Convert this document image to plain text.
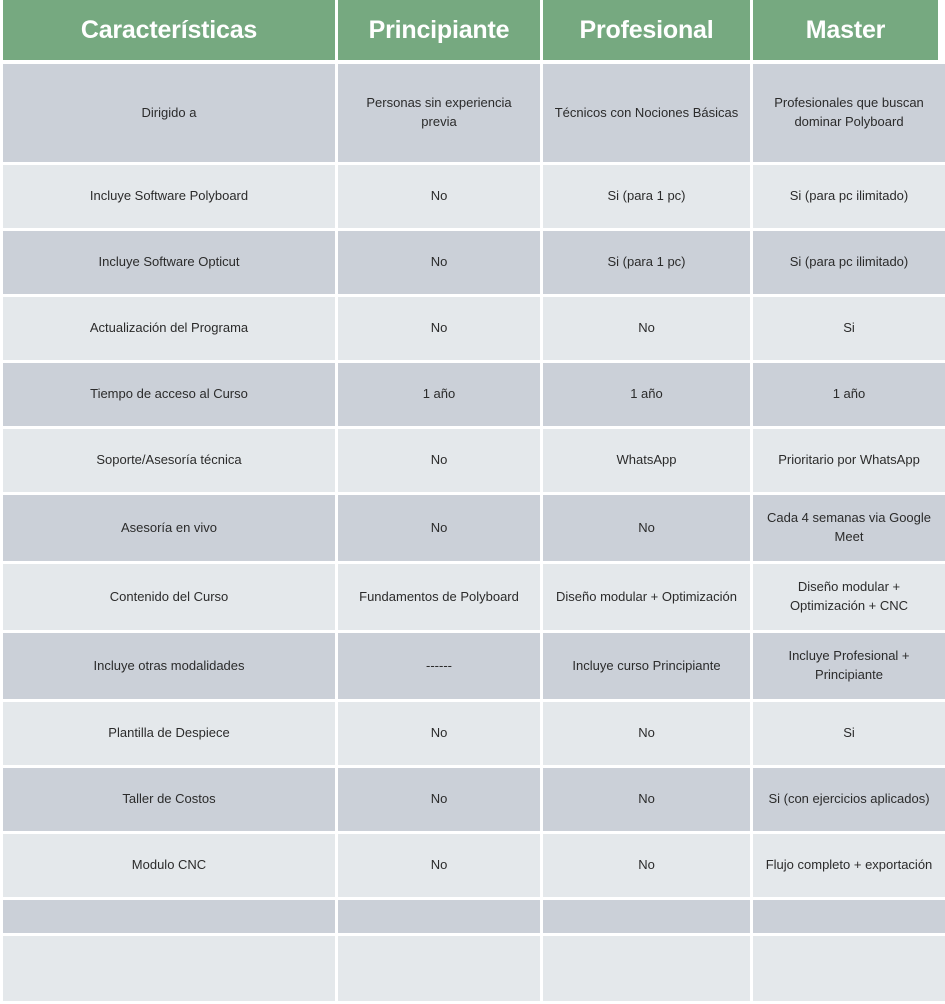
Características	Principiante	Profesional	Master

Dirigido a	Personas sin experiencia previa	Técnicos con Nociones Básicas	Profesionales que buscan dominar Polyboard

Incluye Software Polyboard	No	Si (para 1 pc)	Si (para pc ilimitado)

Incluye Software Opticut	No	Si (para 1 pc)	Si (para pc ilimitado)

Actualización del Programa	No	No	Si

Tiempo de acceso al Curso	1 año	1 año	1 año

Soporte/Asesoría técnica	No	WhatsApp	Prioritario por WhatsApp

Asesoría en vivo	No	No	Cada 4 semanas via Google Meet

Contenido del Curso	Fundamentos de Polyboard	Diseño modular + Optimización	Diseño modular + Optimización + CNC

Incluye otras modalidades	------	Incluye curso Principiante	Incluye Profesional + Principiante

Plantilla de Despiece	No	No	Si

Taller de Costos	No	No	Si (con ejercicios aplicados)

Modulo CNC	No	No	Flujo completo + exportación
